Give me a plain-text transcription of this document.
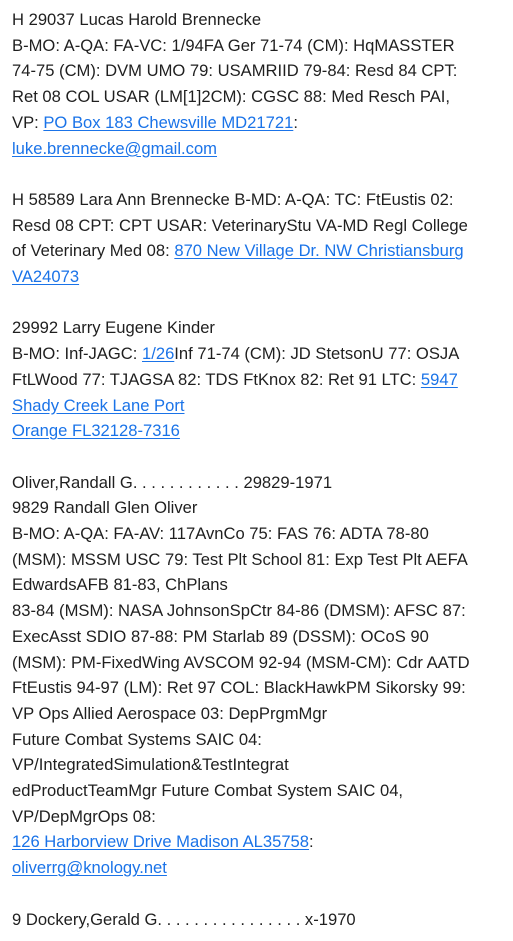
H 29037 Lucas Harold Brennecke
B-MO: A-QA: FA-VC: 1/94FA Ger 71-74 (CM): HqMASSTER
74-75 (CM): DVM UMO 79: USAMRIID 79-84: Resd 84 CPT:
Ret 08 COL USAR (LM[1]2CM): CGSC 88: Med Resch PAI,
VP: PO Box 183 Chewsville MD21721:
luke.brennecke@gmail.com
H 58589 Lara Ann Brennecke B-MD: A-QA: TC: FtEustis 02:
Resd 08 CPT: CPT USAR: VeterinaryStu VA-MD Regl College
of Veterinary Med 08: 870 New Village Dr. NW Christiansburg
VA24073
29992 Larry Eugene Kinder
B-MO: Inf-JAGC: 1/26Inf 71-74 (CM): JD StetsonU 77: OSJA
FtLWood 77: TJAGSA 82: TDS FtKnox 82: Ret 91 LTC: 5947
Shady Creek Lane Port
Orange FL32128-7316
Oliver,Randall G. . . . . . . . . . . . 29829-1971
9829 Randall Glen Oliver
B-MO: A-QA: FA-AV: 117AvnCo 75: FAS 76: ADTA 78-80
(MSM): MSSM USC 79: Test Plt School 81: Exp Test Plt AEFA
EdwardsAFB 81-83, ChPlans
83-84 (MSM): NASA JohnsonSpCtr 84-86 (DMSM): AFSC 87:
ExecAsst SDIO 87-88: PM Starlab 89 (DSSM): OCoS 90
(MSM): PM-FixedWing AVSCOM 92-94 (MSM-CM): Cdr AATD
FtEustis 94-97 (LM): Ret 97 COL: BlackHawkPM Sikorsky 99:
VP Ops Allied Aerospace 03: DepPrgmMgr
Future Combat Systems SAIC 04:
VP/IntegratedSimulation&TestIntegrat
edProductTeamMgr Future Combat System SAIC 04,
VP/DepMgrOps 08:
126 Harborview Drive Madison AL35758:
oliverrg@knology.net
9 Dockery,Gerald G. . . . . . . . . . . . . . . . x-1970
